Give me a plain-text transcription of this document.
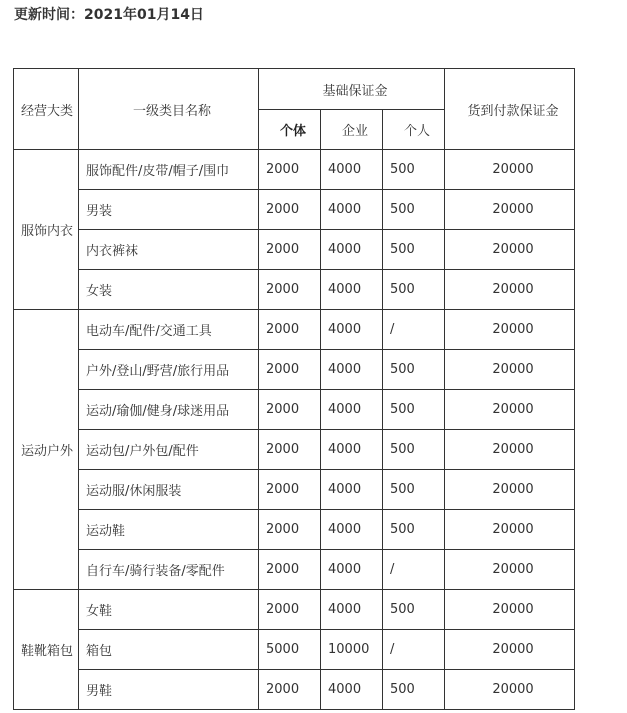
更新时间：2021年01月14日
经营大类	一级类目名称	基础保证金			货到付款保证金
		个体	企业	个人	
服饰内衣	服饰配件/皮带/帽子/围巾	2000	4000	500	20000
	男装	2000	4000	500	20000
	内衣裤袜	2000	4000	500	20000
	女装	2000	4000	500	20000
运动户外	电动车/配件/交通工具	2000	4000	/	20000
	户外/登山/野营/旅行用品	2000	4000	500	20000
	运动/瑜伽/健身/球迷用品	2000	4000	500	20000
	运动包/户外包/配件	2000	4000	500	20000
	运动服/休闲服装	2000	4000	500	20000
	运动鞋	2000	4000	500	20000
	自行车/骑行装备/零配件	2000	4000	/	20000
鞋靴箱包	女鞋	2000	4000	500	20000
	箱包	5000	10000	/	20000
	男鞋	2000	4000	500	20000
